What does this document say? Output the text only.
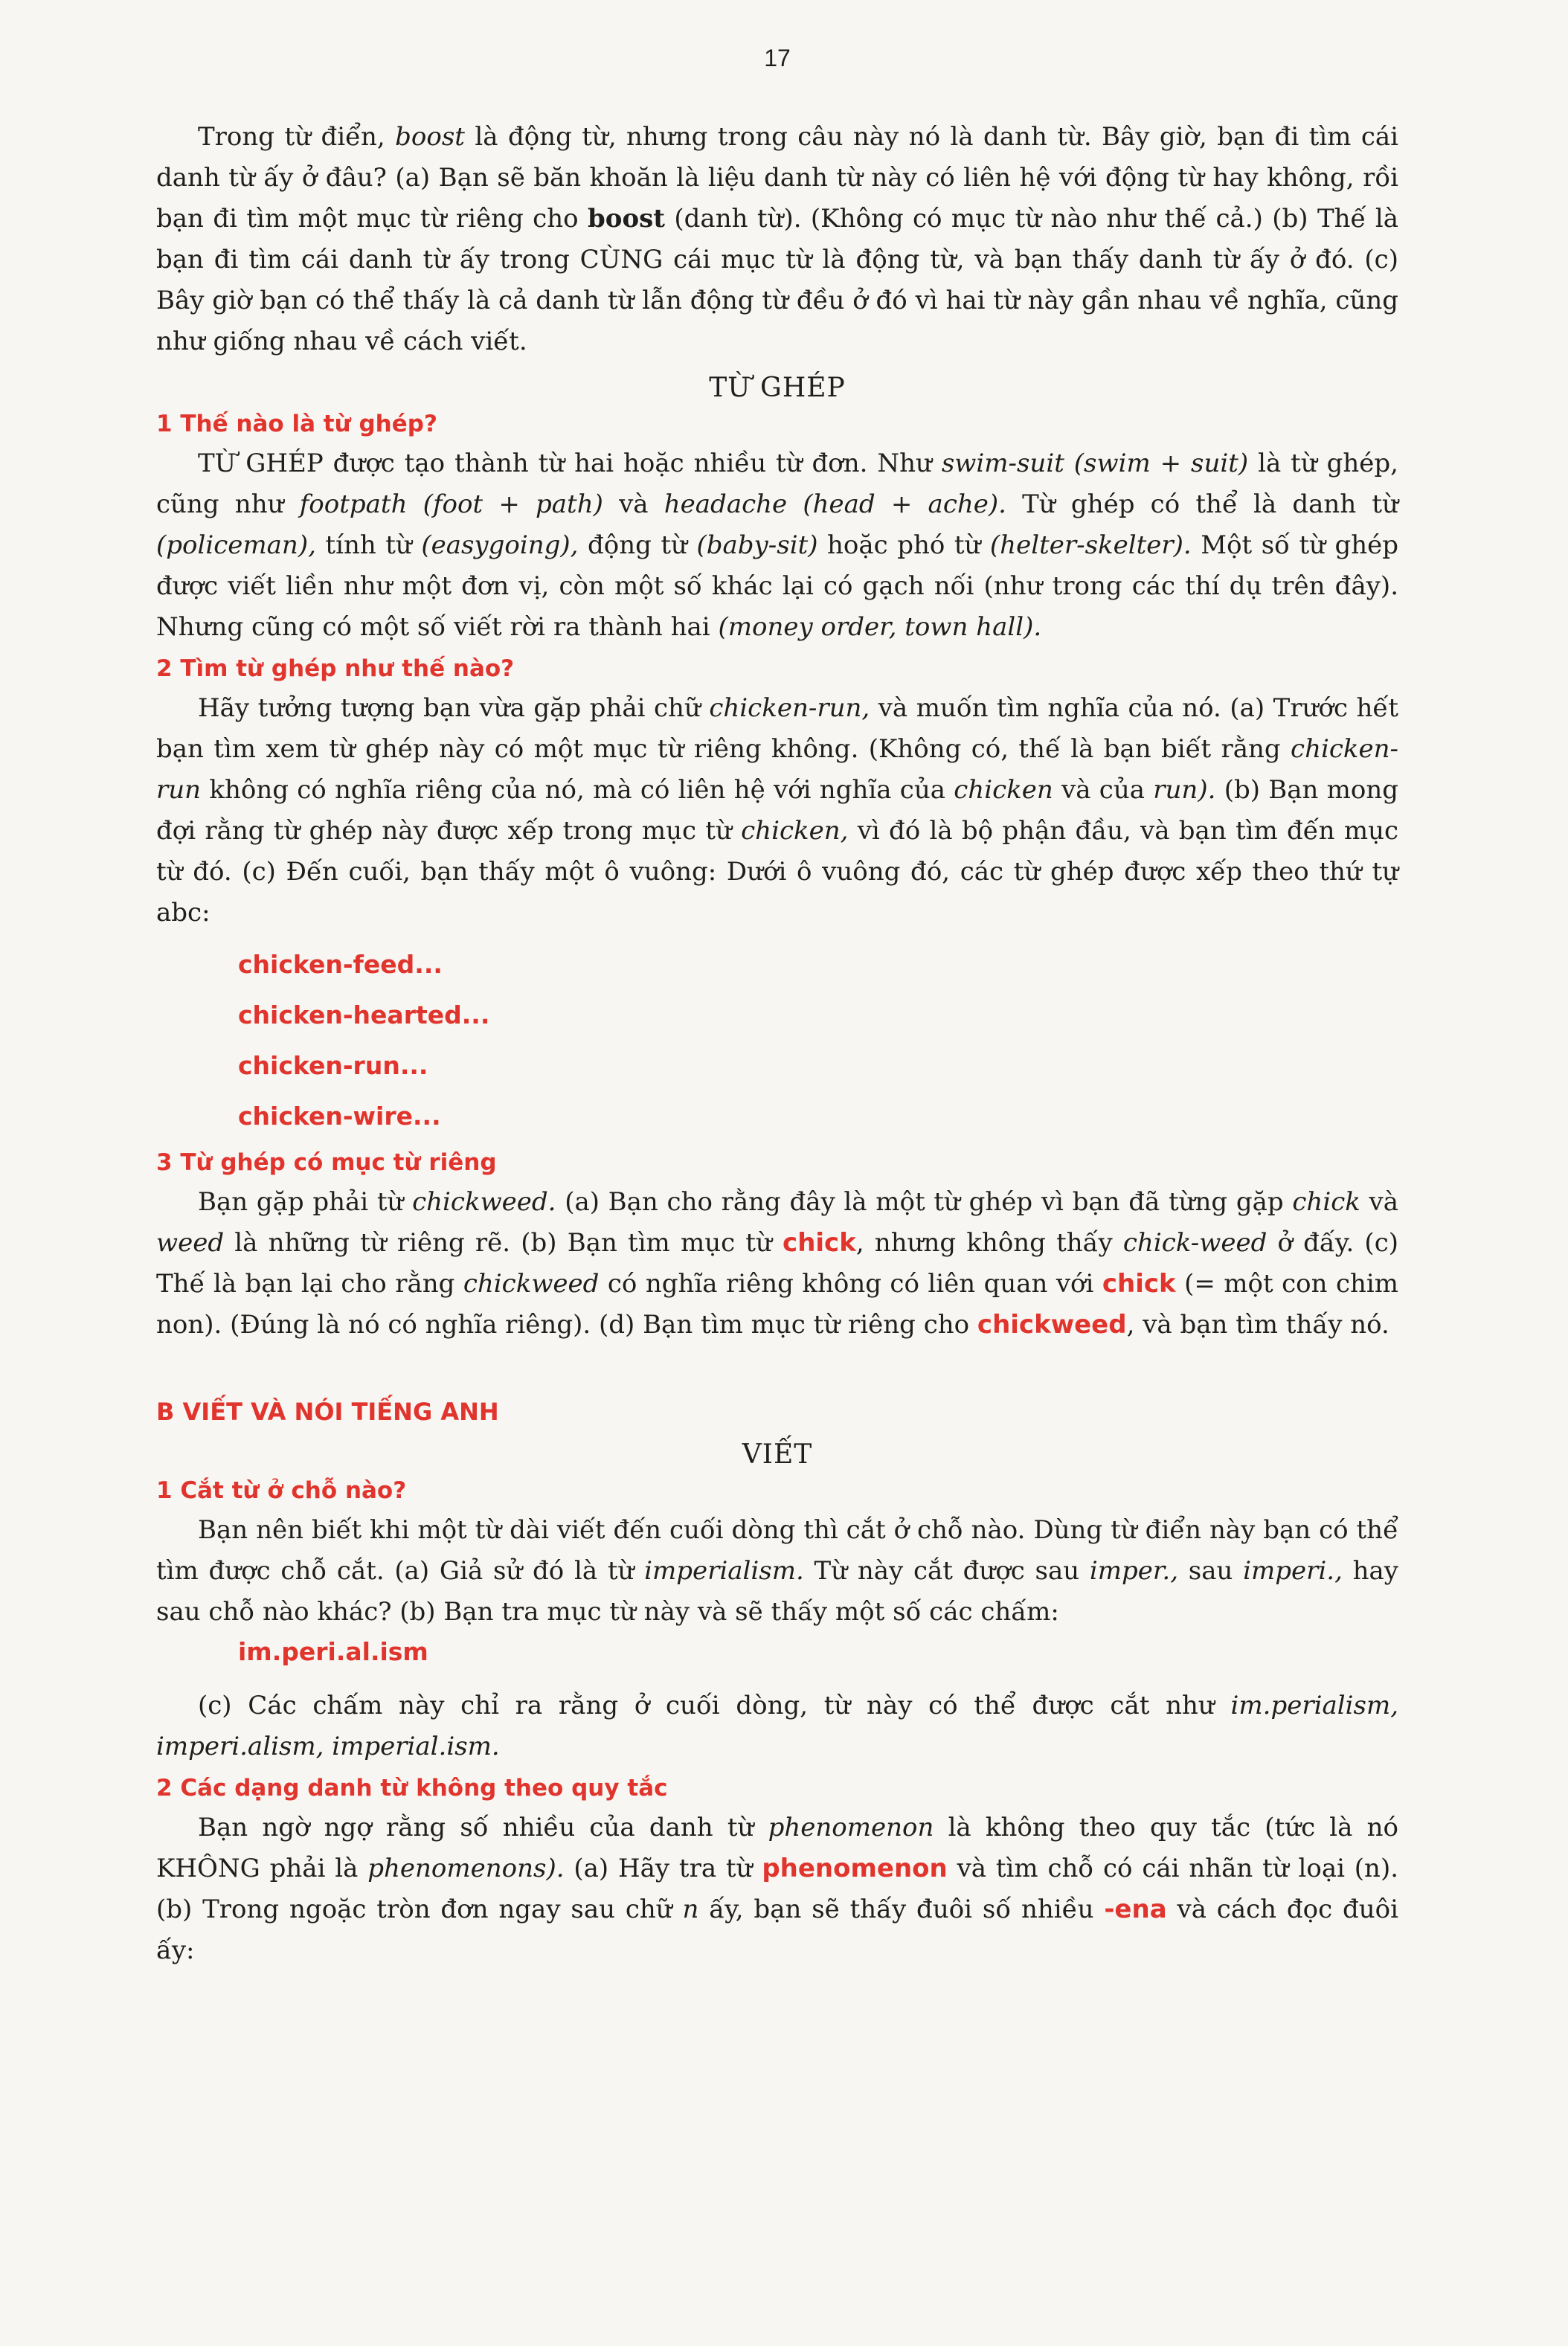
17

Trong từ điển, boost là động từ, nhưng trong câu này nó là danh từ. Bây giờ, bạn đi tìm cái danh từ ấy ở đâu? (a) Bạn sẽ băn khoăn là liệu danh từ này có liên hệ với động từ hay không, rồi bạn đi tìm một mục từ riêng cho boost (danh từ). (Không có mục từ nào như thế cả.) (b) Thế là bạn đi tìm cái danh từ ấy trong CÙNG cái mục từ là động từ, và bạn thấy danh từ ấy ở đó. (c) Bây giờ bạn có thể thấy là cả danh từ lẫn động từ đều ở đó vì hai từ này gần nhau về nghĩa, cũng như giống nhau về cách viết.

TỪ GHÉP
1 Thế nào là từ ghép?

TỪ GHÉP được tạo thành từ hai hoặc nhiều từ đơn. Như swim-suit (swim + suit) là từ ghép, cũng như footpath (foot + path) và headache (head + ache). Từ ghép có thể là danh từ (policeman), tính từ (easygoing), động từ (baby-sit) hoặc phó từ (helter-skelter). Một số từ ghép được viết liền như một đơn vị, còn một số khác lại có gạch nối (như trong các thí dụ trên đây). Nhưng cũng có một số viết rời ra thành hai (money order, town hall).

2 Tìm từ ghép như thế nào?

Hãy tưởng tượng bạn vừa gặp phải chữ chicken-run, và muốn tìm nghĩa của nó. (a) Trước hết bạn tìm xem từ ghép này có một mục từ riêng không. (Không có, thế là bạn biết rằng chicken-run không có nghĩa riêng của nó, mà có liên hệ với nghĩa của chicken và của run). (b) Bạn mong đợi rằng từ ghép này được xếp trong mục từ chicken, vì đó là bộ phận đầu, và bạn tìm đến mục từ đó. (c) Đến cuối, bạn thấy một ô vuông: Dưới ô vuông đó, các từ ghép được xếp theo thứ tự abc:

chicken-feed...
chicken-hearted...
chicken-run...
chicken-wire...
3 Từ ghép có mục từ riêng

Bạn gặp phải từ chickweed. (a) Bạn cho rằng đây là một từ ghép vì bạn đã từng gặp chick và weed là những từ riêng rẽ. (b) Bạn tìm mục từ chick, nhưng không thấy chick-weed ở đấy. (c) Thế là bạn lại cho rằng chickweed có nghĩa riêng không có liên quan với chick (= một con chim non). (Đúng là nó có nghĩa riêng). (d) Bạn tìm mục từ riêng cho chickweed, và bạn tìm thấy nó.

B VIẾT VÀ NÓI TIẾNG ANH
VIẾT
1 Cắt từ ở chỗ nào?

Bạn nên biết khi một từ dài viết đến cuối dòng thì cắt ở chỗ nào. Dùng từ điển này bạn có thể tìm được chỗ cắt. (a) Giả sử đó là từ imperialism. Từ này cắt được sau imper., sau imperi., hay sau chỗ nào khác? (b) Bạn tra mục từ này và sẽ thấy một số các chấm:

im.peri.al.ism

(c) Các chấm này chỉ ra rằng ở cuối dòng, từ này có thể được cắt như im.perialism, imperi.alism, imperial.ism.

2 Các dạng danh từ không theo quy tắc

Bạn ngờ ngợ rằng số nhiều của danh từ phenomenon là không theo quy tắc (tức là nó KHÔNG phải là phenomenons). (a) Hãy tra từ phenomenon và tìm chỗ có cái nhãn từ loại (n). (b) Trong ngoặc tròn đơn ngay sau chữ n ấy, bạn sẽ thấy đuôi số nhiều -ena và cách đọc đuôi ấy:
